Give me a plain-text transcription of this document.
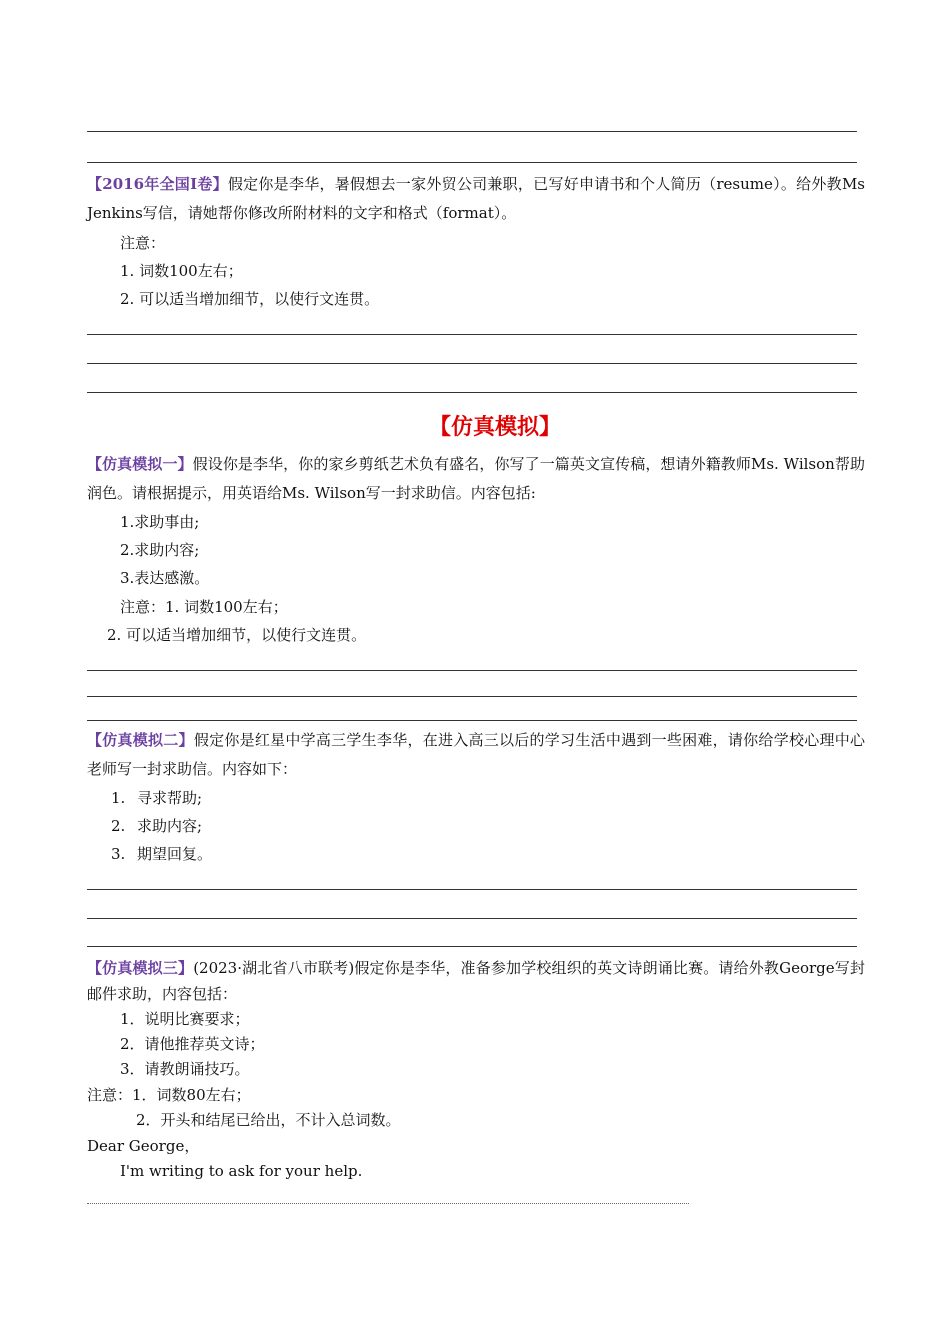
【2016年全国I卷】假定你是李华，暑假想去一家外贸公司兼职，已写好申请书和个人简历（resume）。给外教Ms Jenkins写信，请她帮你修改所附材料的文字和格式（format）。
注意：
1. 词数100左右；
2. 可以适当增加细节，以使行文连贯。
【仿真模拟】
【仿真模拟一】假设你是李华，你的家乡剪纸艺术负有盛名，你写了一篇英文宣传稿，想请外籍教师Ms. Wilson帮助润色。请根据提示，用英语给Ms. Wilson写一封求助信。内容包括:
1.求助事由;
2.求助内容;
3.表达感激。
注意：1. 词数100左右；
2. 可以适当增加细节，以使行文连贯。
【仿真模拟二】假定你是红星中学高三学生李华，在进入高三以后的学习生活中遇到一些困难，请你给学校心理中心老师写一封求助信。内容如下：
1. 寻求帮助;
2. 求助内容;
3. 期望回复。
【仿真模拟三】(2023·湖北省八市联考)假定你是李华，准备参加学校组织的英文诗朗诵比赛。请给外教George写封邮件求助，内容包括：
1．说明比赛要求；
2．请他推荐英文诗；
3．请教朗诵技巧。
注意：1．词数80左右；
2．开头和结尾已给出，不计入总词数。
Dear George，
I'm writing to ask for your help.
